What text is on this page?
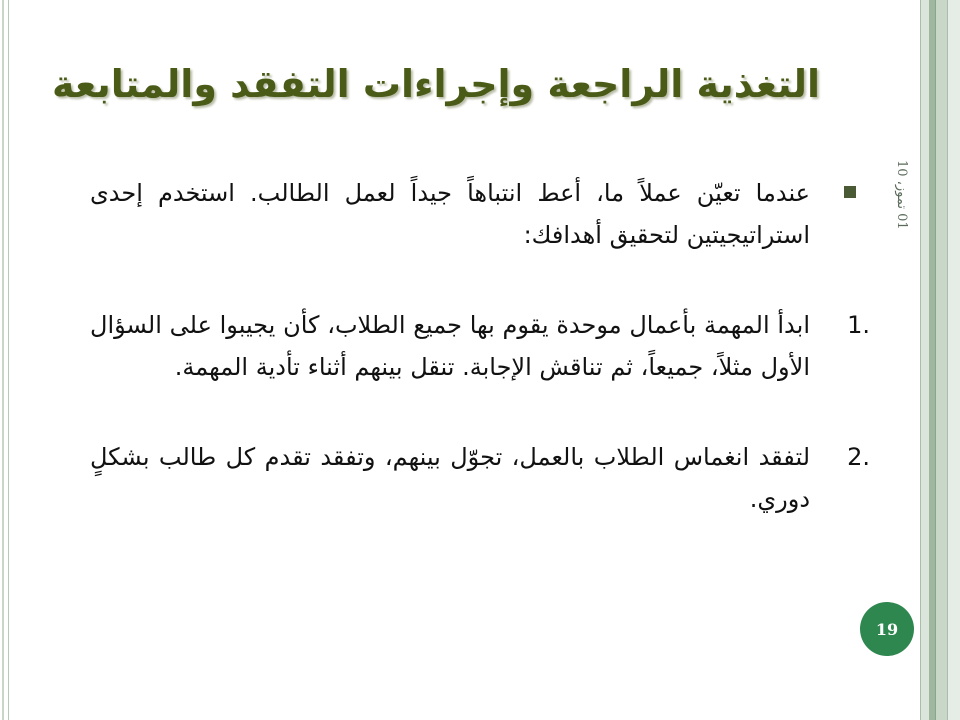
التغذية الراجعة وإجراءات التفقد والمتابعة
01 تموز، 10

عندما تعيّن عملاً ما، أعط انتباهاً جيداً لعمل الطالب. استخدم إحدى استراتيجيتين لتحقيق أهدافك:

1.
ابدأ المهمة بأعمال موحدة يقوم بها جميع الطلاب، كأن يجيبوا على السؤال الأول مثلاً، جميعاً، ثم تناقش الإجابة. تنقل بينهم أثناء تأدية المهمة.

2.
لتفقد انغماس الطلاب بالعمل، تجوّل بينهم، وتفقد تقدم كل طالب بشكلٍ دوري.

19
